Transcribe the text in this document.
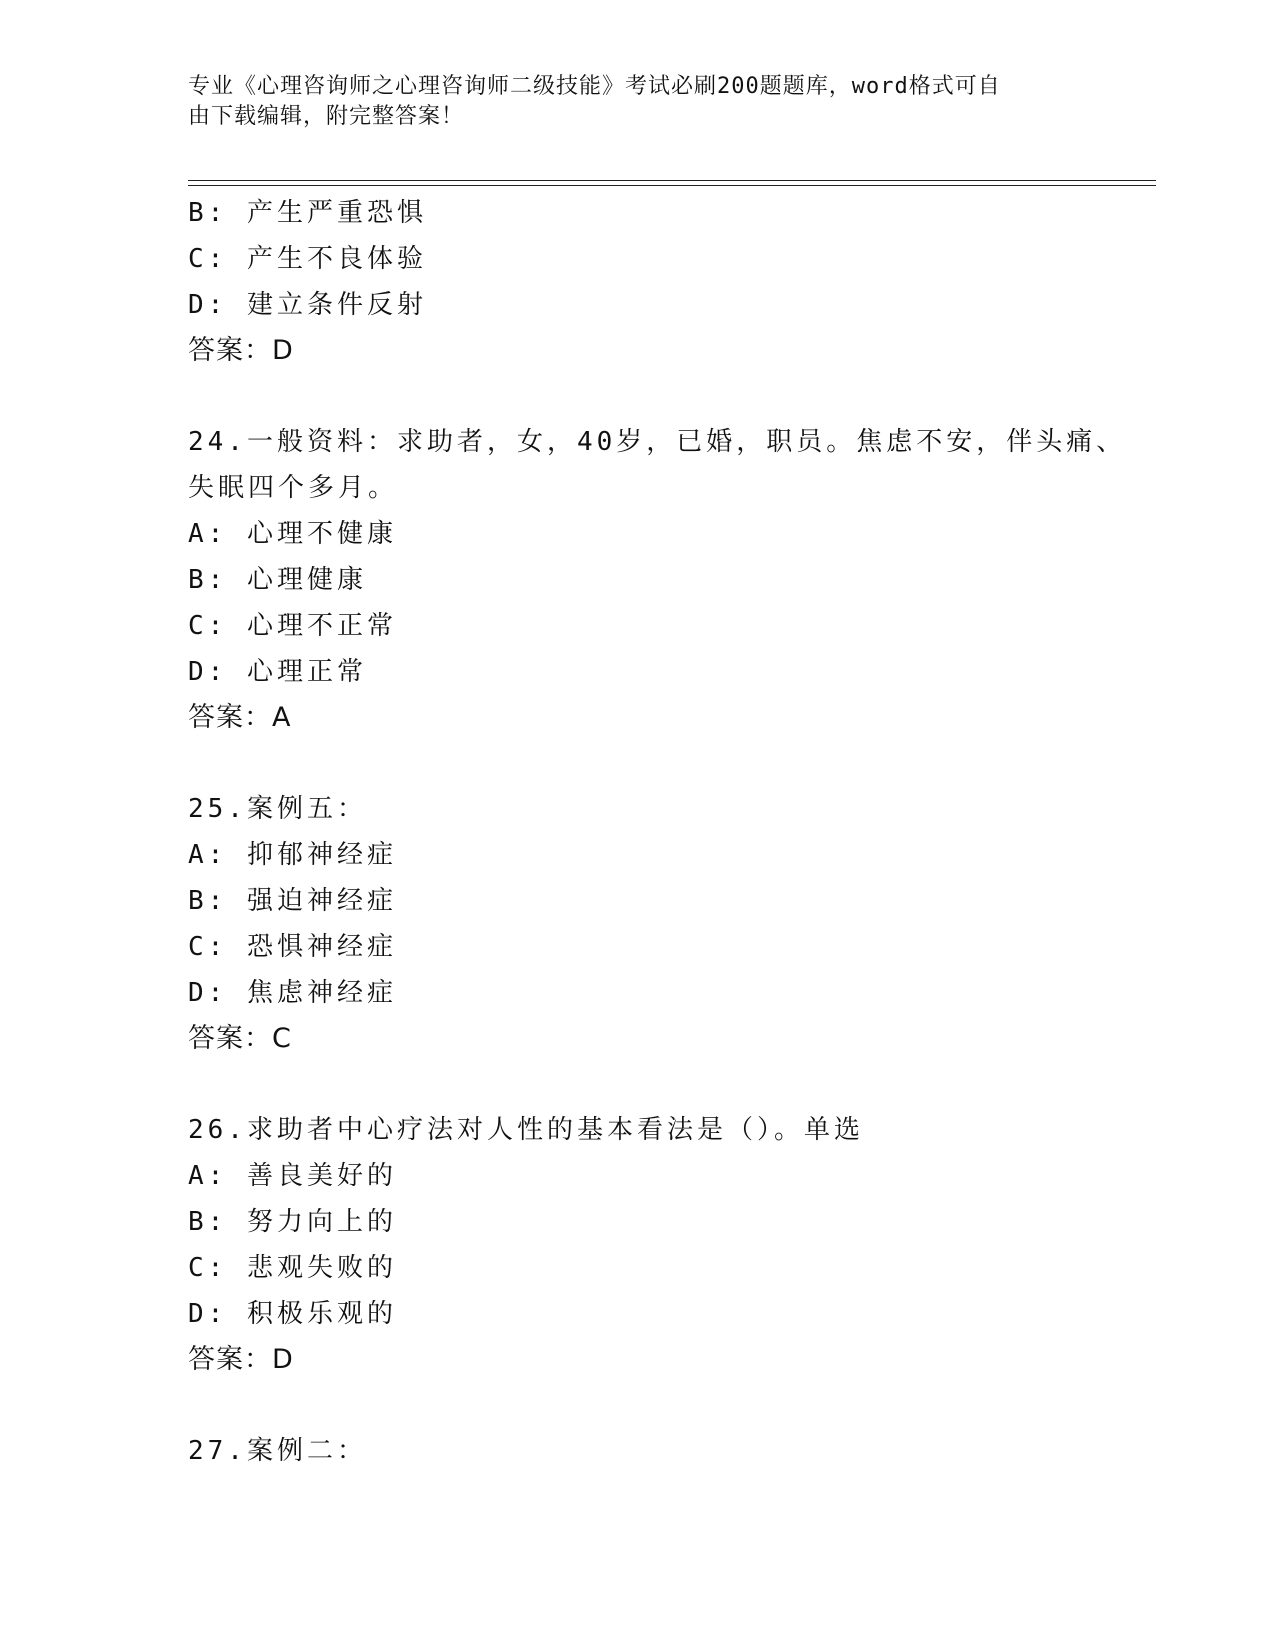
专业《心理咨询师之心理咨询师二级技能》考试必刷200题题库，word格式可自
由下载编辑，附完整答案！
B: 产生严重恐惧
C: 产生不良体验
D: 建立条件反射
答案：D
24.一般资料：求助者，女，40岁，已婚，职员。焦虑不安，伴头痛、
失眠四个多月。
A: 心理不健康
B: 心理健康
C: 心理不正常
D: 心理正常
答案：A
25.案例五：
A: 抑郁神经症
B: 强迫神经症
C: 恐惧神经症
D: 焦虑神经症
答案：C
26.求助者中心疗法对人性的基本看法是（）。单选
A: 善良美好的
B: 努力向上的
C: 悲观失败的
D: 积极乐观的
答案：D
27.案例二：
